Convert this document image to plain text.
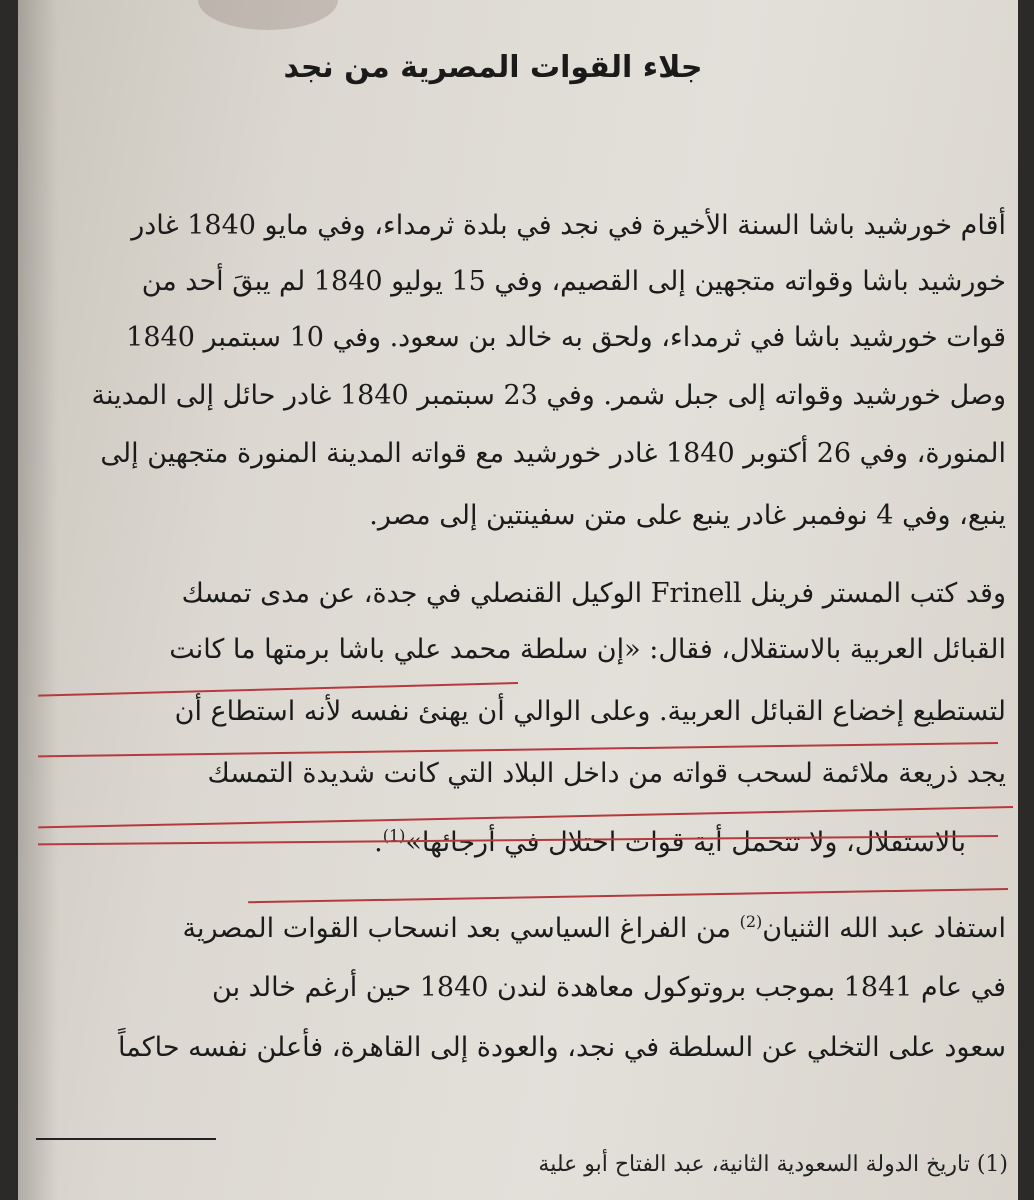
جلاء القوات المصرية من نجد
أقام خورشيد باشا السنة الأخيرة في نجد في بلدة ثرمداء، وفي مايو 1840 غادر
خورشيد باشا وقواته متجهين إلى القصيم، وفي 15 يوليو 1840 لم يبقَ أحد من
قوات خورشيد باشا في ثرمداء، ولحق به خالد بن سعود. وفي 10 سبتمبر 1840
وصل خورشيد وقواته إلى جبل شمر. وفي 23 سبتمبر 1840 غادر حائل إلى المدينة
المنورة، وفي 26 أكتوبر 1840 غادر خورشيد مع قواته المدينة المنورة متجهين إلى
ينبع، وفي 4 نوفمبر غادر ينبع على متن سفينتين إلى مصر.
وقد كتب المستر فرينل Frinell الوكيل القنصلي في جدة، عن مدى تمسك
القبائل العربية بالاستقلال، فقال: «إن سلطة محمد علي باشا برمتها ما كانت
لتستطيع إخضاع القبائل العربية. وعلى الوالي أن يهنئ نفسه لأنه استطاع أن
يجد ذريعة ملائمة لسحب قواته من داخل البلاد التي كانت شديدة التمسك
بالاستقلال، ولا تتحمل أية قوات احتلال في أرجائها»$^{(1)}$.
استفاد عبد الله الثنيان$^{(2)}$ من الفراغ السياسي بعد انسحاب القوات المصرية
في عام 1841 بموجب بروتوكول معاهدة لندن 1840 حين أرغم خالد بن
سعود على التخلي عن السلطة في نجد، والعودة إلى القاهرة، فأعلن نفسه حاكماً
(1) تاريخ الدولة السعودية الثانية، عبد الفتاح أبو علية
